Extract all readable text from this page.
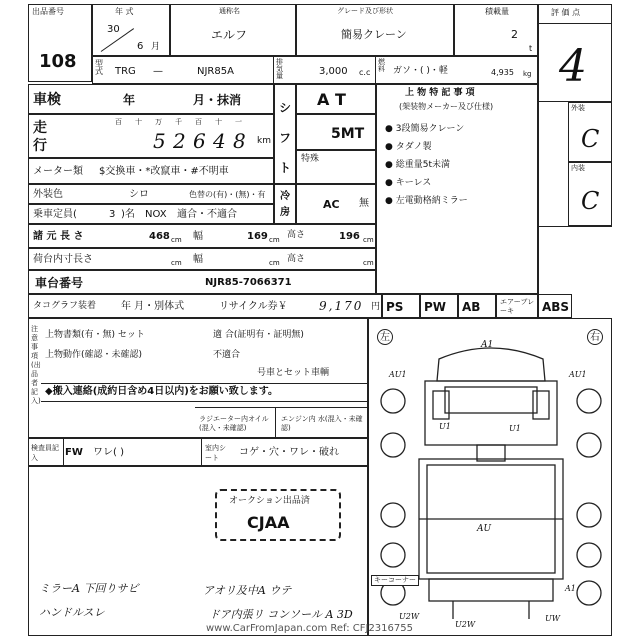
出品番号
108
年 式
30
6 月
通称名
エルフ
グレード及び形状
簡易クレーン
積載量
2
t
評 価 点
4
型式 TRG —	NJR85A
排気量	3,000 c.c
燃料 ガソ・( )・軽	4,935 kg
車検	年	月・抹消
シフト
A T
5MT
特殊
走行
百 十 万 千 百 十 一
5 2 6 4 8 km
メーター類 $交換車・*改竄車・#不明車
外装色	シロ	色替の(有)・(無)・有
乗車定員(	3 )名 NOX 適合・不適合
冷房
AC 無
諸 元 長 さ	468 cm 幅	169 cm 高さ	196 cm
荷台内寸長さ	cm 幅	cm 高さ	cm
車台番号	NJR85-7066371
タコグラフ装着 年 月・別体式	リサイクル券￥	9,170 円 PS PW AB	エアーブレーキ	ABS
上 物 特 記 事 項
(架装物メーカー及び仕様)
● 3段簡易クレーン
● タダノ製
● 総重量5t未満
● キーレス
● 左電動格納ミラー
外装
C
内装
C
注意事項(出品者記入)
上物書類(有・無) セット	適 合(証明有・証明無)
不適合
上物動作(確認・未確認)
号車とセット車輌
◆搬入連絡(成約日含め4日以内)をお願い致します。
ラジエーター内オイル(混入・未確認)
エンジン内 水(混入・未確認)
検査員記入	FW ワレ( )	室内シート	コゲ・穴・ワレ・破れ
オークション出品済
CJAA
ミラーA 下回りサビ
ハンドルスレ
アオリ及中A ウテ
ドア内張リ コンソール A 3D
左	右
A1
AU1	AU1
U1	U1
AU
U2W
U2W
UW
A1
キーコーナー
www.CarFromJapan.com Ref: CFJ2316755
